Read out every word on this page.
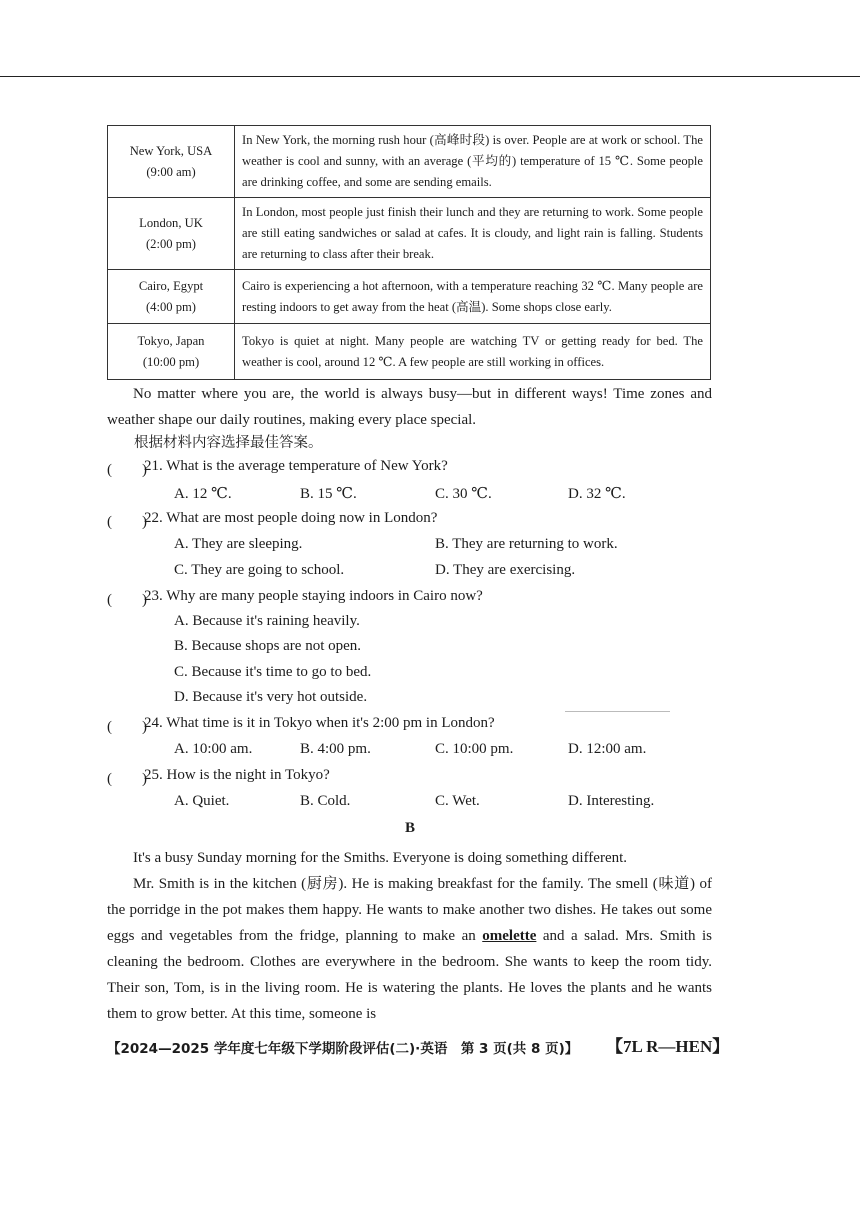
New York, USA
(9:00 am)	In New York, the morning rush hour (高峰时段) is over. People are at work or school. The weather is cool and sunny, with an average (平均的) temperature of 15 ℃. Some people are drinking coffee, and some are sending emails.

London, UK
(2:00 pm)	In London, most people just finish their lunch and they are returning to work. Some people are still eating sandwiches or salad at cafes. It is cloudy, and light rain is falling. Students are returning to class after their break.

Cairo, Egypt
(4:00 pm)	Cairo is experiencing a hot afternoon, with a temperature reaching 32 ℃. Many people are resting indoors to get away from the heat (高温). Some shops close early.

Tokyo, Japan
(10:00 pm)	Tokyo is quiet at night. Many people are watching TV or getting ready for bed. The weather is cool, around 12 ℃. A few people are still working in offices.

No matter where you are, the world is always busy—but in different ways! Time zones and weather shape our daily routines, making every place special.

根据材料内容选择最佳答案。
(　　)
21. What is the average temperature of New York?
A. 12 ℃.	B. 15 ℃.	C. 30 ℃.	D. 32 ℃.
(　　)
22. What are most people doing now in London?
A. They are sleeping.	B. They are returning to work.
C. They are going to school.	D. They are exercising.
(　　)
23. Why are many people staying indoors in Cairo now?
A. Because it's raining heavily.
B. Because shops are not open.
C. Because it's time to go to bed.
D. Because it's very hot outside.
(　　)
24. What time is it in Tokyo when it's 2:00 pm in London?
A. 10:00 am.	B. 4:00 pm.	C. 10:00 pm.	D. 12:00 am.
(　　)
25. How is the night in Tokyo?
A. Quiet.	B. Cold.	C. Wet.	D. Interesting.
B

It's a busy Sunday morning for the Smiths. Everyone is doing something different.

Mr. Smith is in the kitchen (厨房). He is making breakfast for the family. The smell (味道) of the porridge in the pot makes them happy. He wants to make another two dishes. He takes out some eggs and vegetables from the fridge, planning to make an omelette and a salad. Mrs. Smith is cleaning the bedroom. Clothes are everywhere in the bedroom. She wants to keep the room tidy. Their son, Tom, is in the living room. He is watering the plants. He loves the plants and he wants them to grow better. At this time, someone is

【2024—2025 学年度七年级下学期阶段评估(二)·英语　第 3 页(共 8 页)】 【7L R—HEN】
